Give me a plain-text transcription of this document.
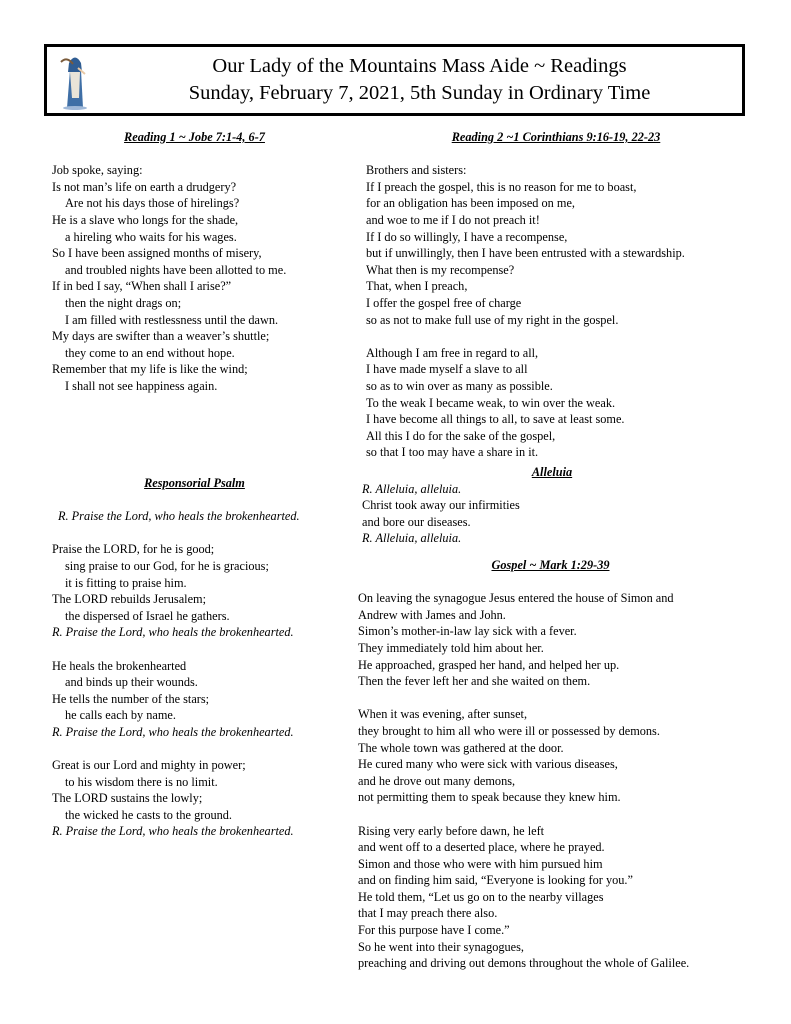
Our Lady of the Mountains Mass Aide ~ Readings
Sunday, February 7, 2021, 5th Sunday in Ordinary Time
Reading 1 ~ Jobe 7:1-4, 6-7
Job spoke, saying:
Is not man’s life on earth a drudgery?
Are not his days those of hirelings?
He is a slave who longs for the shade,
a hireling who waits for his wages.
So I have been assigned months of misery,
and troubled nights have been allotted to me.
If in bed I say, “When shall I arise?”
then the night drags on;
I am filled with restlessness until the dawn.
My days are swifter than a weaver’s shuttle;
they come to an end without hope.
Remember that my life is like the wind;
I shall not see happiness again.
Responsorial Psalm
R. Praise the Lord, who heals the brokenhearted.
Praise the LORD, for he is good;
sing praise to our God, for he is gracious;
it is fitting to praise him.
The LORD rebuilds Jerusalem;
the dispersed of Israel he gathers.
R. Praise the Lord, who heals the brokenhearted.
He heals the brokenhearted
and binds up their wounds.
He tells the number of the stars;
he calls each by name.
R. Praise the Lord, who heals the brokenhearted.
Great is our Lord and mighty in power;
to his wisdom there is no limit.
The LORD sustains the lowly;
the wicked he casts to the ground.
R. Praise the Lord, who heals the brokenhearted.
Reading 2 ~1 Corinthians 9:16-19, 22-23
Brothers and sisters:
If I preach the gospel, this is no reason for me to boast,
for an obligation has been imposed on me,
and woe to me if I do not preach it!
If I do so willingly, I have a recompense,
but if unwillingly, then I have been entrusted with a stewardship.
What then is my recompense?
That, when I preach,
I offer the gospel free of charge
so as not to make full use of my right in the gospel.
Although I am free in regard to all,
I have made myself a slave to all
so as to win over as many as possible.
To the weak I became weak, to win over the weak.
I have become all things to all, to save at least some.
All this I do for the sake of the gospel,
so that I too may have a share in it.
Alleluia
R. Alleluia, alleluia.
Christ took away our infirmities
and bore our diseases.
R. Alleluia, alleluia.
Gospel ~ Mark 1:29-39
On leaving the synagogue Jesus entered the house of Simon and
Andrew with James and John.
Simon’s mother-in-law lay sick with a fever.
They immediately told him about her.
He approached, grasped her hand, and helped her up.
Then the fever left her and she waited on them.
When it was evening, after sunset,
they brought to him all who were ill or possessed by demons.
The whole town was gathered at the door.
He cured many who were sick with various diseases,
and he drove out many demons,
not permitting them to speak because they knew him.
Rising very early before dawn, he left
and went off to a deserted place, where he prayed.
Simon and those who were with him pursued him
and on finding him said, “Everyone is looking for you.”
He told them, “Let us go on to the nearby villages
that I may preach there also.
For this purpose have I come.”
So he went into their synagogues,
preaching and driving out demons throughout the whole of Galilee.
